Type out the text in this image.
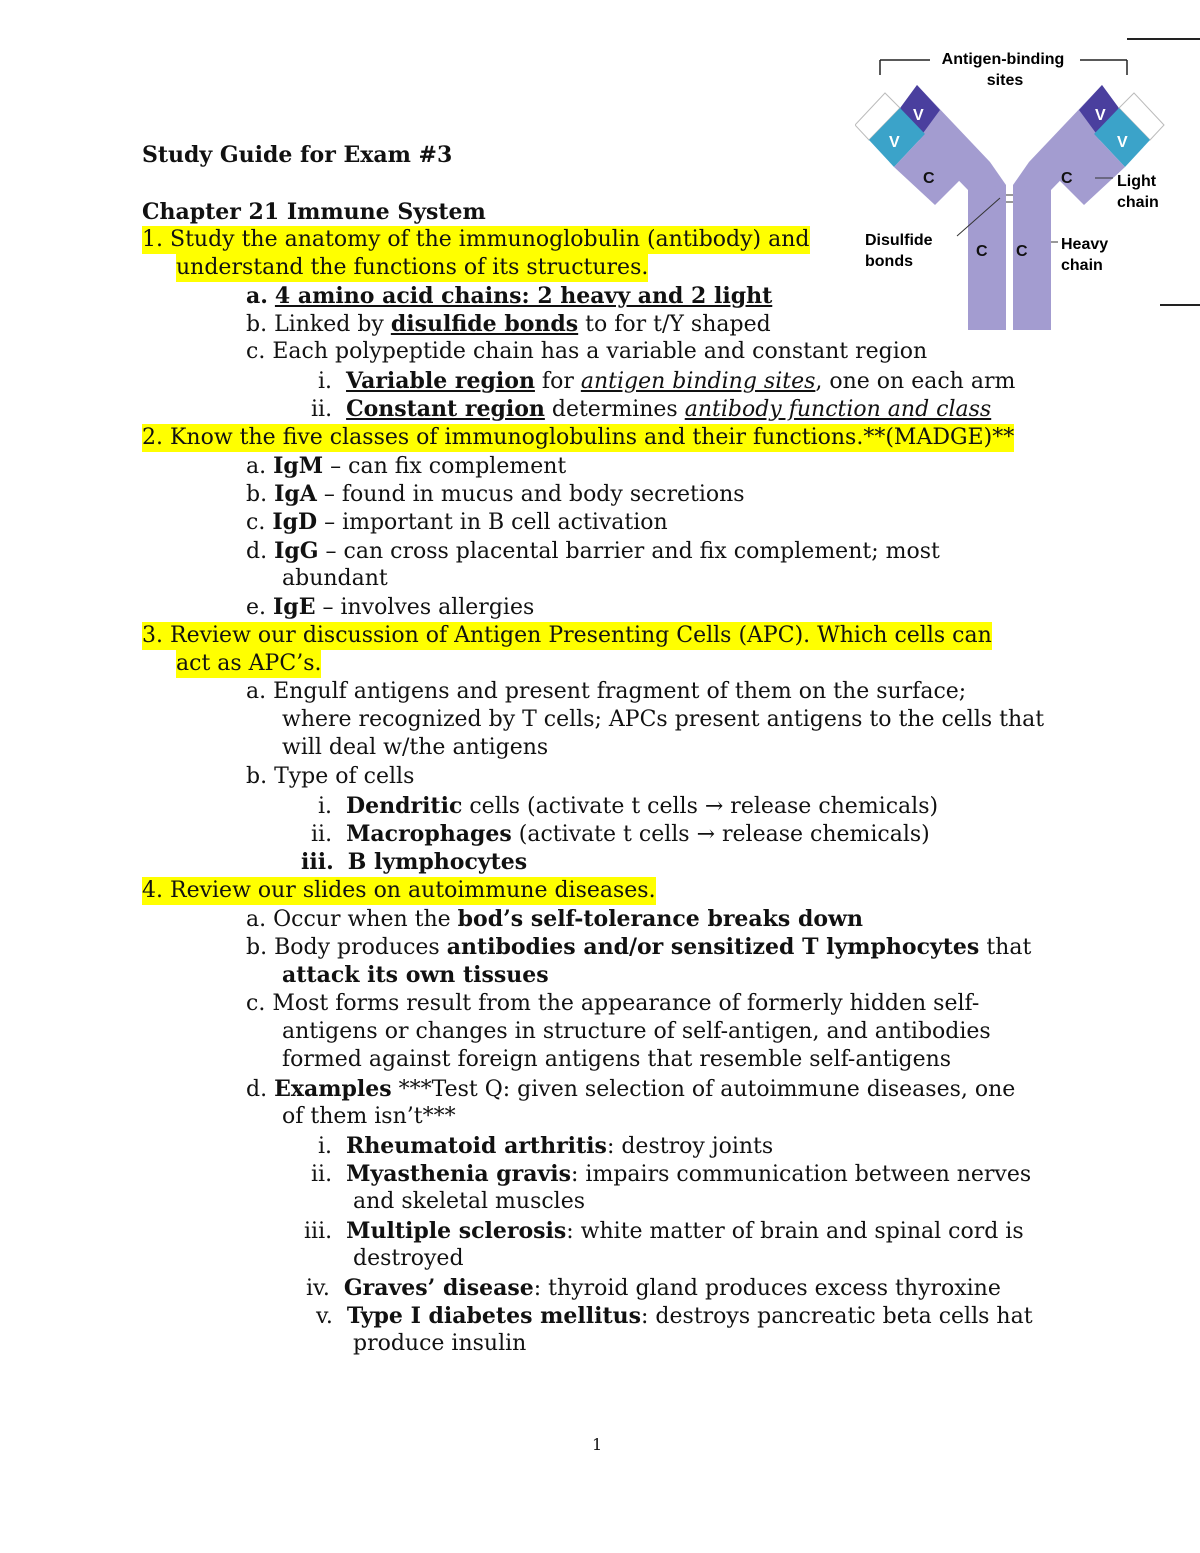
V
V
C
V
V
C
C C
Antigen-binding
sites
Light
chain
Heavy
chain
Disulfide
bonds
Study Guide for Exam #3
Chapter 21 Immune System
1. Study the anatomy of the immunoglobulin (antibody) and
understand the functions of its structures.
a. 4 amino acid chains: 2 heavy and 2 light
b. Linked by disulfide bonds to for t/Y shaped
c. Each polypeptide chain has a variable and constant region
i. Variable region for antigen binding sites, one on each arm
ii. Constant region determines antibody function and class
2. Know the five classes of immunoglobulins and their functions.**(MADGE)**
a. IgM – can fix complement
b. IgA – found in mucus and body secretions
c. IgD – important in B cell activation
d. IgG – can cross placental barrier and fix complement; most
abundant
e. IgE – involves allergies
3. Review our discussion of Antigen Presenting Cells (APC). Which cells can
act as APC’s.
a. Engulf antigens and present fragment of them on the surface;
where recognized by T cells; APCs present antigens to the cells that
will deal w/the antigens
b. Type of cells
i. Dendritic cells (activate t cells → release chemicals)
ii. Macrophages (activate t cells → release chemicals)
iii. B lymphocytes
4. Review our slides on autoimmune diseases.
a. Occur when the bod’s self-tolerance breaks down
b. Body produces antibodies and/or sensitized T lymphocytes that
attack its own tissues
c. Most forms result from the appearance of formerly hidden self-
antigens or changes in structure of self-antigen, and antibodies
formed against foreign antigens that resemble self-antigens
d. Examples ***Test Q: given selection of autoimmune diseases, one
of them isn’t***
i. Rheumatoid arthritis: destroy joints
ii. Myasthenia gravis: impairs communication between nerves
and skeletal muscles
iii. Multiple sclerosis: white matter of brain and spinal cord is
destroyed
iv. Graves’ disease: thyroid gland produces excess thyroxine
v. Type I diabetes mellitus: destroys pancreatic beta cells hat
produce insulin
1
